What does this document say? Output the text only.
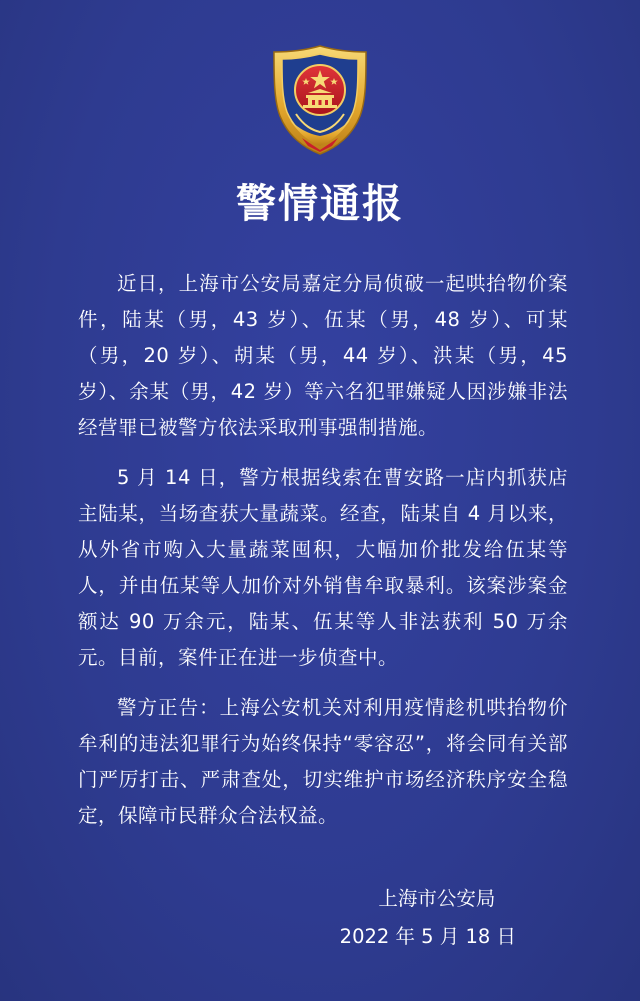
警情通报

近日，上海市公安局嘉定分局侦破一起哄抬物价案件，陆某（男，43 岁）、伍某（男，48 岁）、可某（男，20 岁）、胡某（男，44 岁）、洪某（男，45 岁）、余某（男，42 岁）等六名犯罪嫌疑人因涉嫌非法经营罪已被警方依法采取刑事强制措施。

5 月 14 日，警方根据线索在曹安路一店内抓获店主陆某，当场查获大量蔬菜。经查，陆某自 4 月以来，从外省市购入大量蔬菜囤积，大幅加价批发给伍某等人，并由伍某等人加价对外销售牟取暴利。该案涉案金额达 90 万余元，陆某、伍某等人非法获利 50 万余元。目前，案件正在进一步侦查中。

警方正告：上海公安机关对利用疫情趁机哄抬物价牟利的违法犯罪行为始终保持“零容忍”，将会同有关部门严厉打击、严肃查处，切实维护市场经济秩序安全稳定，保障市民群众合法权益。

上海市公安局
2022 年 5 月 18 日
